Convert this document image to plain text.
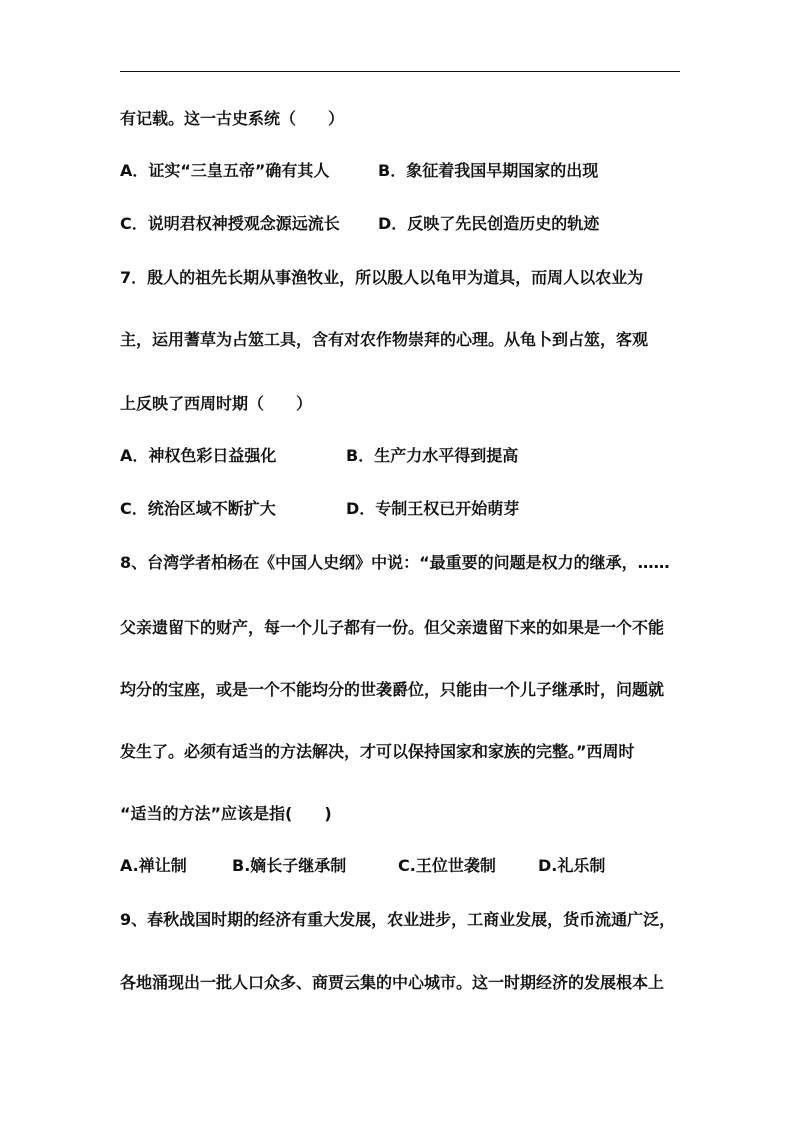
有记载。这一古史系统（　　）
A．证实“三皇五帝”确有其人	B．象征着我国早期国家的出现
C．说明君权神授观念源远流长 D．反映了先民创造历史的轨迹
7．殷人的祖先长期从事渔牧业，所以殷人以龟甲为道具，而周人以农业为
主，运用蓍草为占筮工具，含有对农作物崇拜的心理。从龟卜到占筮，客观
上反映了西周时期（　　）
A．神权色彩日益强化	B．生产力水平得到提高
C．统治区域不断扩大	D．专制王权已开始萌芽
8、台湾学者柏杨在《中国人史纲》中说：“最重要的问题是权力的继承，……
父亲遗留下的财产，每一个儿子都有一份。但父亲遗留下来的如果是一个不能
均分的宝座，或是一个不能均分的世袭爵位，只能由一个儿子继承时，问题就
发生了。必须有适当的方法解决，才可以保持国家和家族的完整。”西周时
“适当的方法”应该是指(　　)
A.禅让制	B.嫡长子继承制	C.王位世袭制	D.礼乐制
9、春秋战国时期的经济有重大发展，农业进步，工商业发展，货币流通广泛，
各地涌现出一批人口众多、商贾云集的中心城市。这一时期经济的发展根本上
